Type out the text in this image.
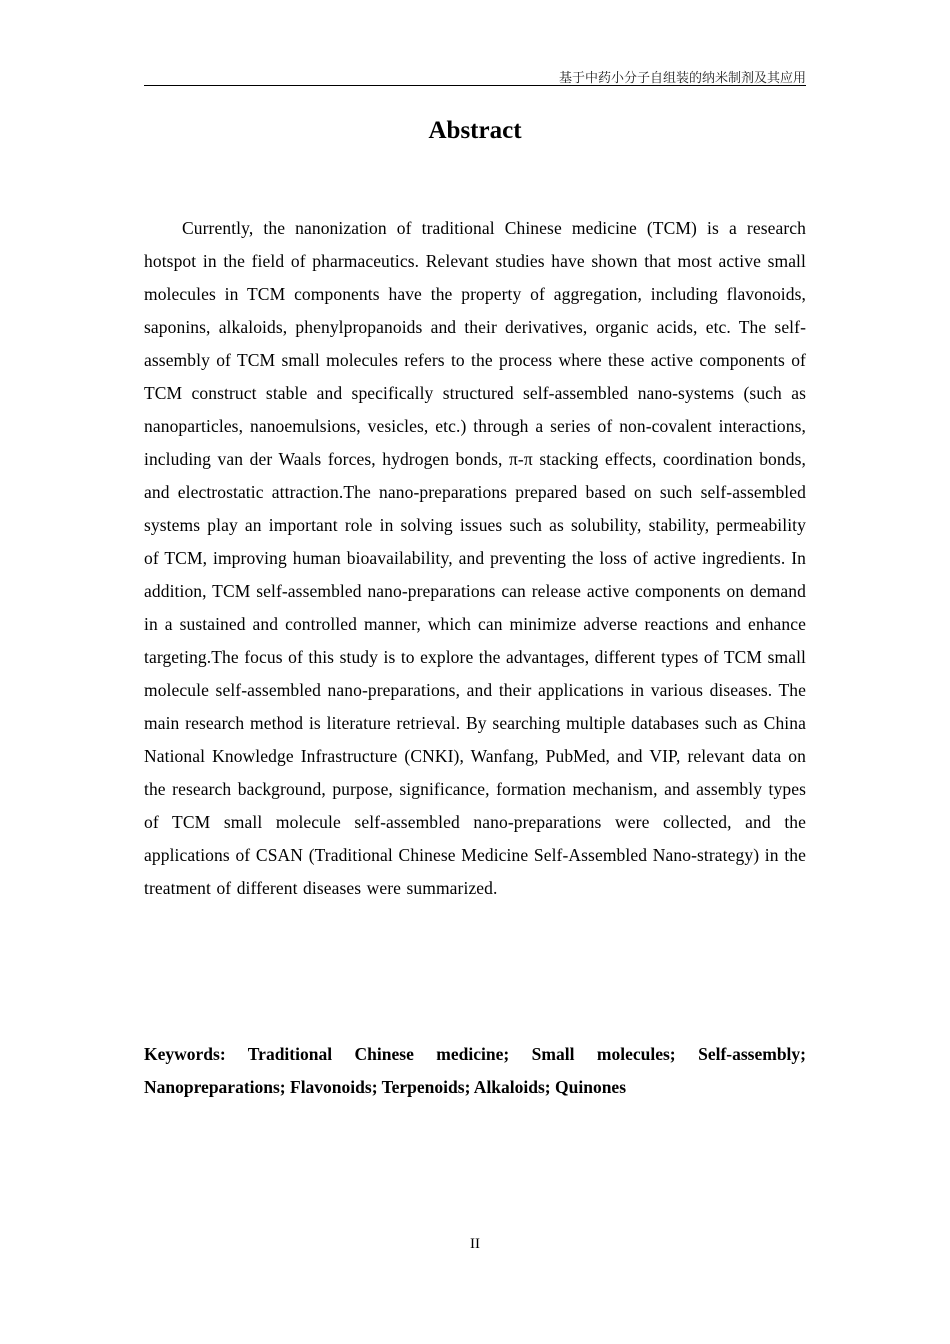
基于中药小分子自组装的纳米制剂及其应用
Abstract

Currently, the nanonization of traditional Chinese medicine (TCM) is a research hotspot in the field of pharmaceutics. Relevant studies have shown that most active small molecules in TCM components have the property of aggregation, including flavonoids, saponins, alkaloids, phenylpropanoids and their derivatives, organic acids, etc. The self-assembly of TCM small molecules refers to the process where these active components of TCM construct stable and specifically structured self-assembled nano-systems (such as nanoparticles, nanoemulsions, vesicles, etc.) through a series of non-covalent interactions, including van der Waals forces, hydrogen bonds, π-π stacking effects, coordination bonds, and electrostatic attraction.The nano-preparations prepared based on such self-assembled systems play an important role in solving issues such as solubility, stability, permeability of TCM, improving human bioavailability, and preventing the loss of active ingredients. In addition, TCM self-assembled nano-preparations can release active components on demand in a sustained and controlled manner, which can minimize adverse reactions and enhance targeting.The focus of this study is to explore the advantages, different types of TCM small molecule self-assembled nano-preparations, and their applications in various diseases. The main research method is literature retrieval. By searching multiple databases such as China National Knowledge Infrastructure (CNKI), Wanfang, PubMed, and VIP, relevant data on the research background, purpose, significance, formation mechanism, and assembly types of TCM small molecule self-assembled nano-preparations were collected, and the applications of CSAN (Traditional Chinese Medicine Self-Assembled Nano-strategy) in the treatment of different diseases were summarized.

Keywords: Traditional Chinese medicine; Small molecules; Self-assembly; Nanopreparations; Flavonoids; Terpenoids; Alkaloids; Quinones

II
